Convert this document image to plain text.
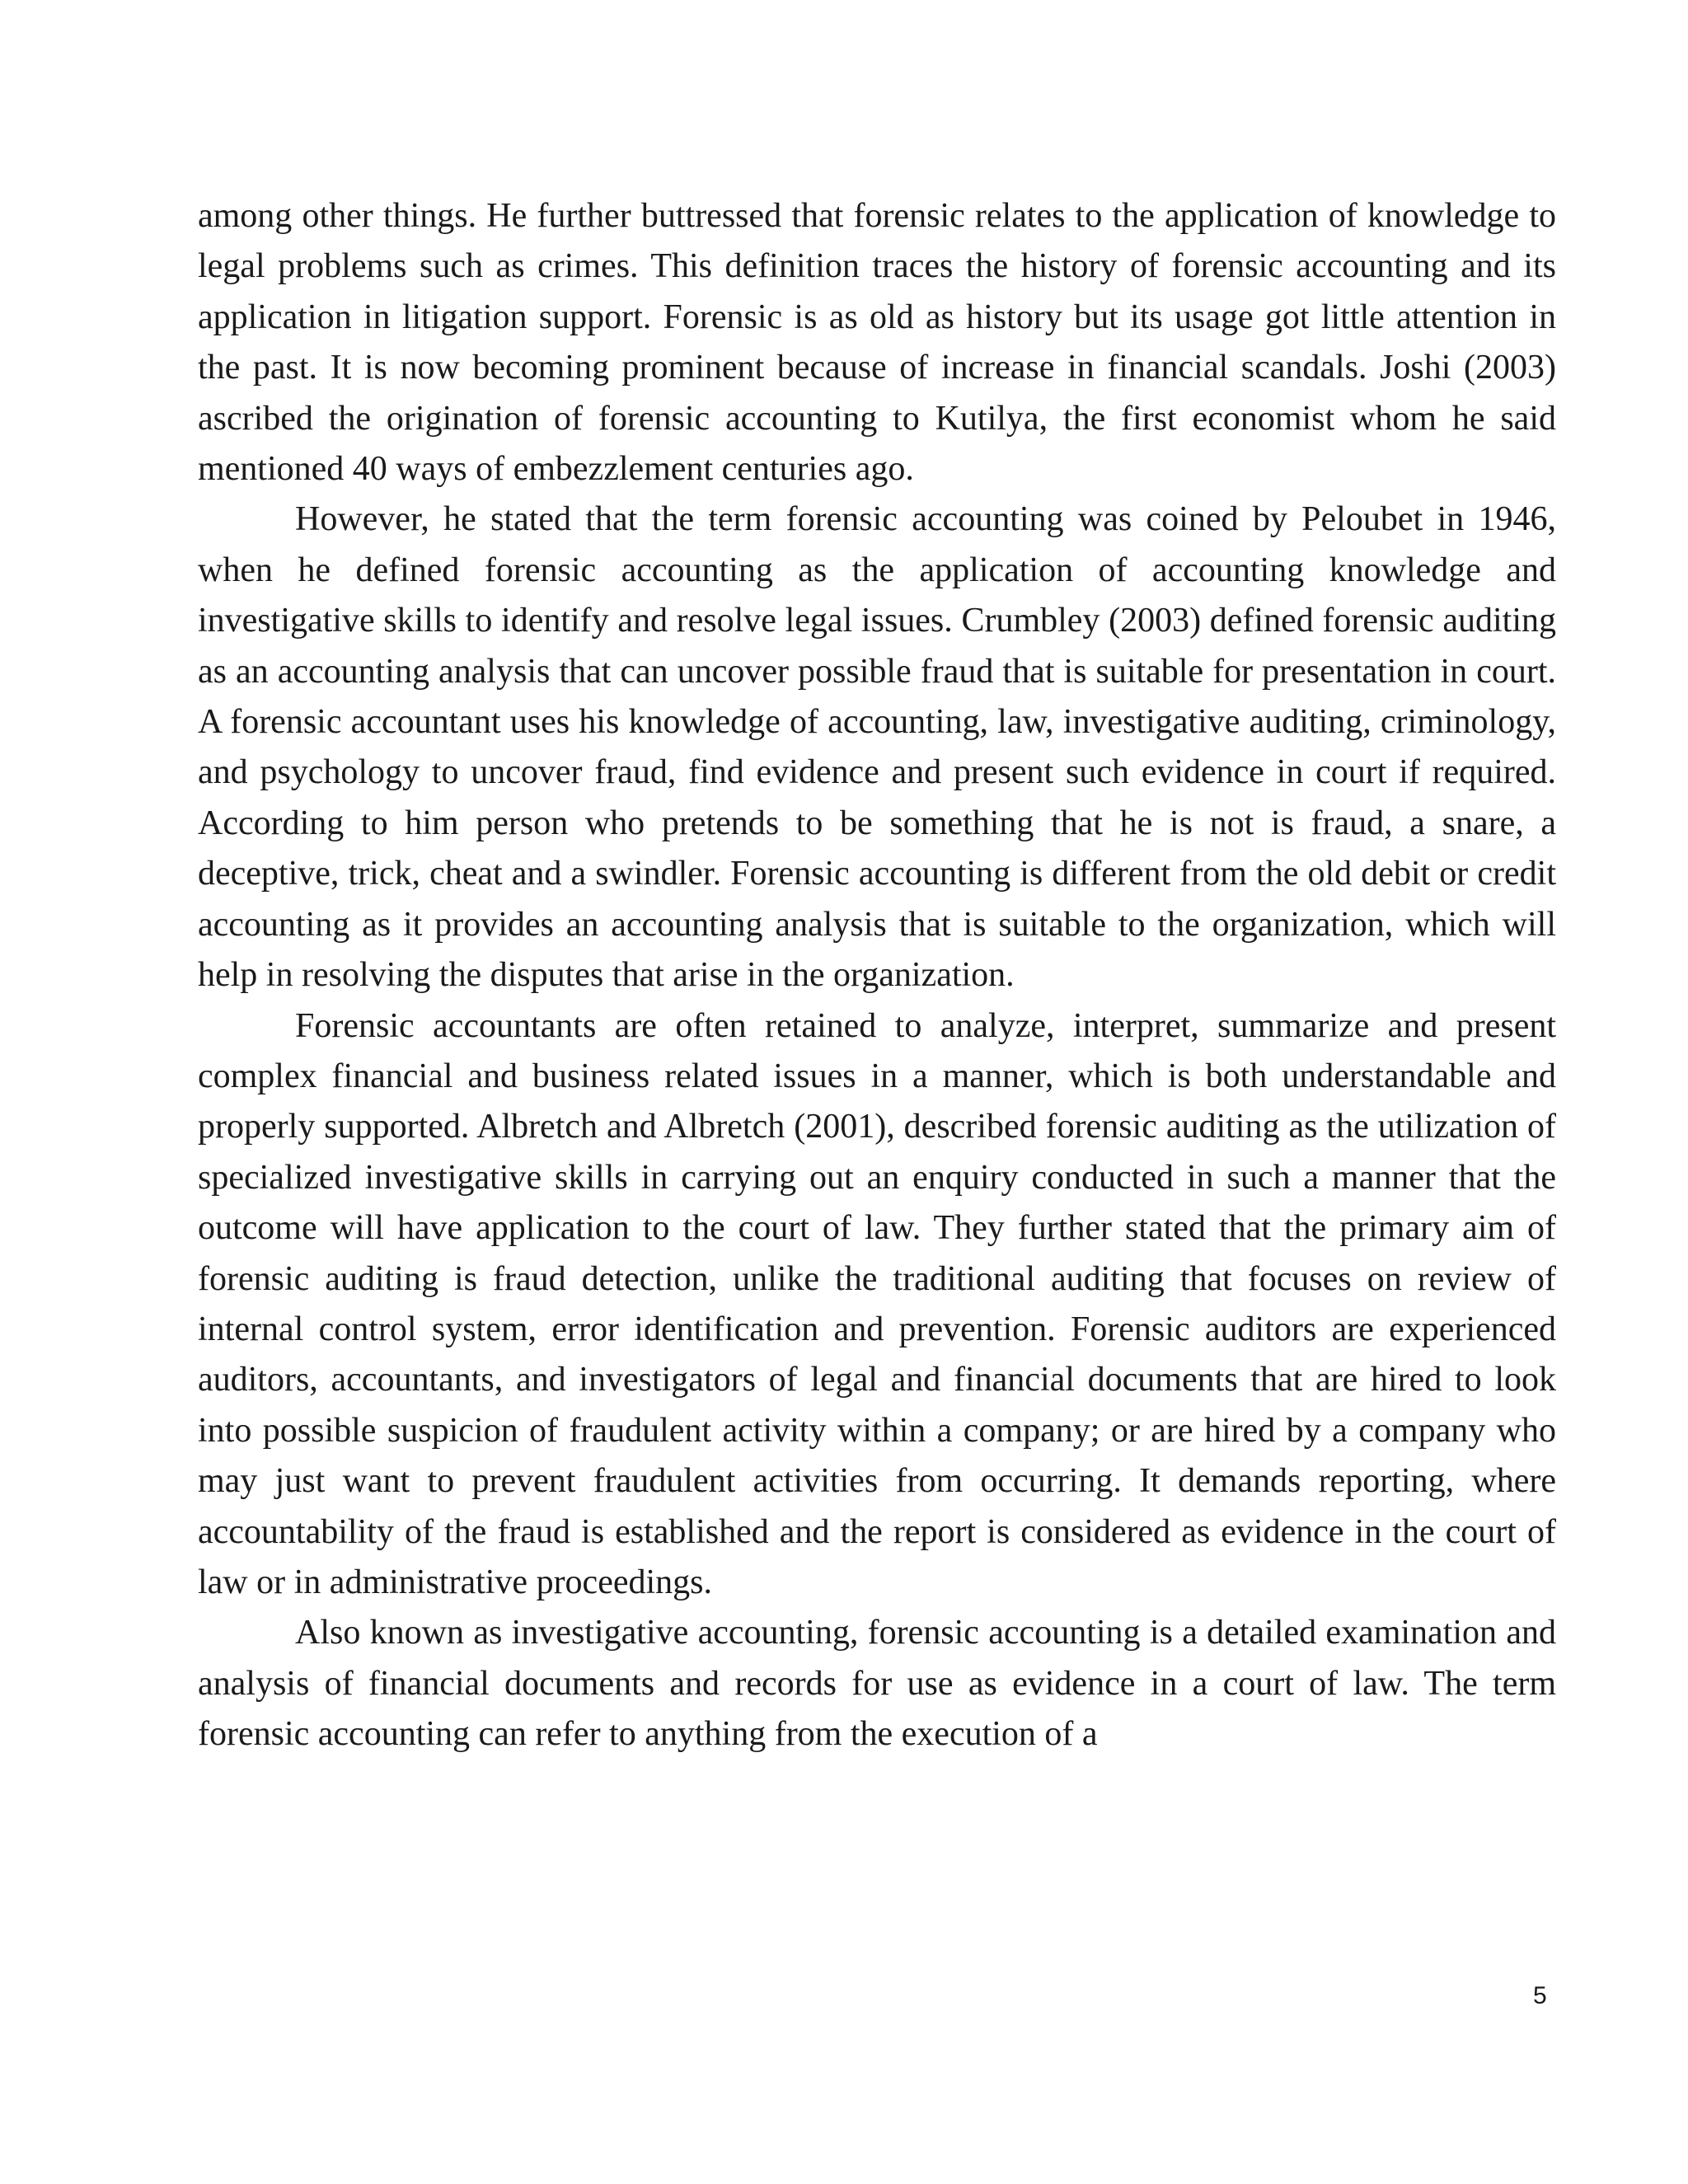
among other things. He further buttressed that forensic relates to the application of knowledge to legal problems such as crimes. This definition traces the history of forensic accounting and its application in litigation support. Forensic is as old as history but its usage got little attention in the past. It is now becoming prominent because of increase in financial scandals. Joshi (2003) ascribed the origination of forensic accounting to Kutilya, the first economist whom he said mentioned 40 ways of embezzlement centuries ago.

However, he stated that the term forensic accounting was coined by Peloubet in 1946, when he defined forensic accounting as the application of accounting knowledge and investigative skills to identify and resolve legal issues. Crumbley (2003) defined forensic auditing as an accounting analysis that can uncover possible fraud that is suitable for presentation in court. A forensic accountant uses his knowledge of accounting, law, investigative auditing, criminology, and psychology to uncover fraud, find evidence and present such evidence in court if required. According to him person who pretends to be something that he is not is fraud, a snare, a deceptive, trick, cheat and a swindler. Forensic accounting is different from the old debit or credit accounting as it provides an accounting analysis that is suitable to the organization, which will help in resolving the disputes that arise in the organization.

Forensic accountants are often retained to analyze, interpret, summarize and present complex financial and business related issues in a manner, which is both understandable and properly supported. Albretch and Albretch (2001), described forensic auditing as the utilization of specialized investigative skills in carrying out an enquiry conducted in such a manner that the outcome will have application to the court of law. They further stated that the primary aim of forensic auditing is fraud detection, unlike the traditional auditing that focuses on review of internal control system, error identification and prevention. Forensic auditors are experienced auditors, accountants, and investigators of legal and financial documents that are hired to look into possible suspicion of fraudulent activity within a company; or are hired by a company who may just want to prevent fraudulent activities from occurring. It demands reporting, where accountability of the fraud is established and the report is considered as evidence in the court of law or in administrative proceedings.

Also known as investigative accounting, forensic accounting is a detailed examination and analysis of financial documents and records for use as evidence in a court of law. The term forensic accounting can refer to anything from the execution of a

5
